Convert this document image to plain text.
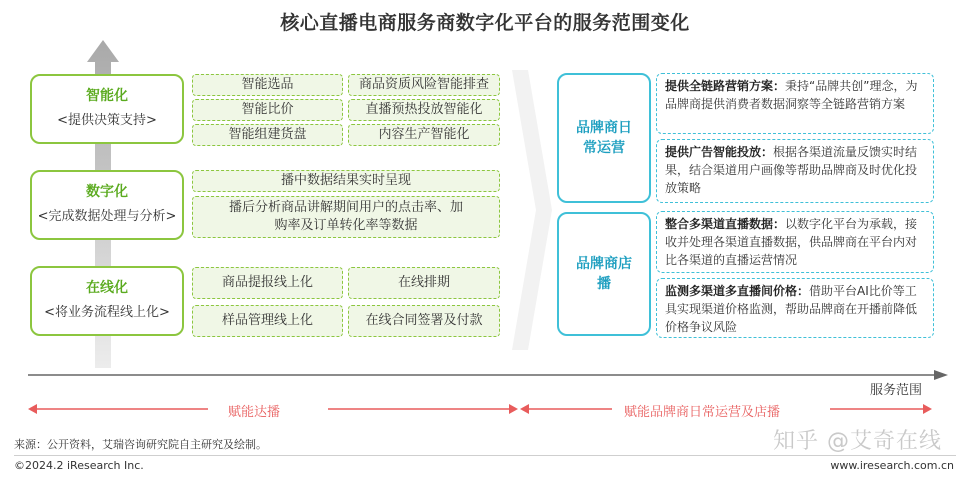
核心直播电商服务商数字化平台的服务范围变化
智能化
<提供决策支持>
数字化
<完成数据处理与分析>
在线化
<将业务流程线上化>
智能选品	商品资质风险智能排查
智能比价	直播预热投放智能化
智能组建货盘	内容生产智能化
播中数据结果实时呈现
播后分析商品讲解期间用户的点击率、加购率及订单转化率等数据
商品提报线上化	在线排期
样品管理线上化	在线合同签署及付款
品牌商日常运营
品牌商店播
提供全链路营销方案：秉持“品牌共创”理念，为品牌商提供消费者数据洞察等全链路营销方案
提供广告智能投放：根据各渠道流量反馈实时结果，结合渠道用户画像等帮助品牌商及时优化投放策略
整合多渠道直播数据：以数字化平台为承载，接收并处理各渠道直播数据，供品牌商在平台内对比各渠道的直播运营情况
监测多渠道多直播间价格：借助平台AI比价等工具实现渠道价格监测，帮助品牌商在开播前降低价格争议风险
服务范围
赋能达播	赋能品牌商日常运营及店播
来源：公开资料，艾瑞咨询研究院自主研究及绘制。	知乎 @艾奇在线
©2024.2 iResearch Inc.	www.iresearch.com.cn
